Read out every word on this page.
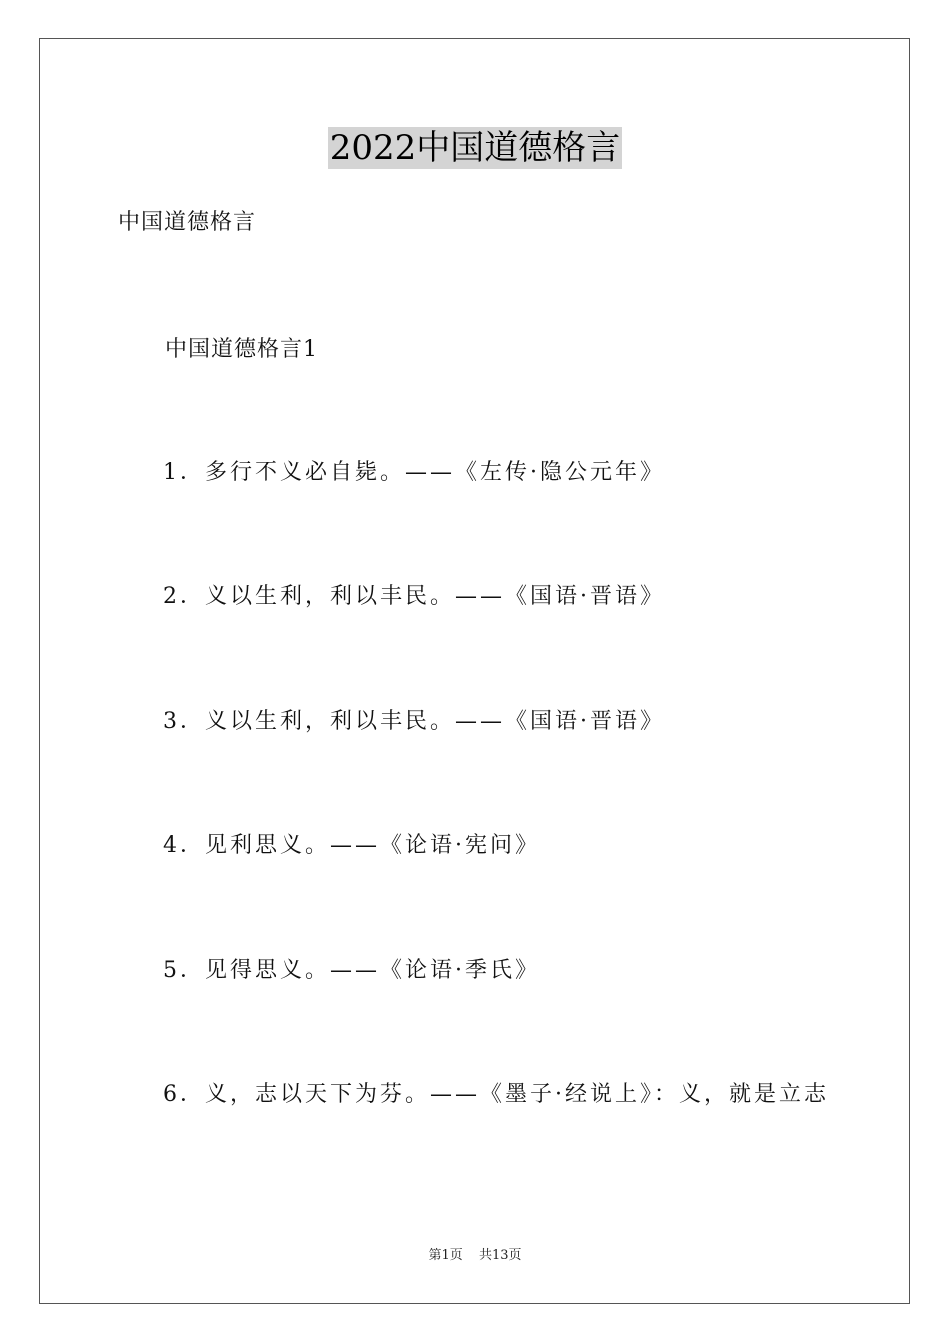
2022中国道德格言
中国道德格言
中国道德格言1
1．多行不义必自毙。——《左传·隐公元年》
2．义以生利，利以丰民。——《国语·晋语》
3．义以生利，利以丰民。——《国语·晋语》
4．见利思义。——《论语·宪问》
5．见得思义。——《论语·季氏》
6．义，志以天下为芬。——《墨子·经说上》：义，就是立志
第1页 共13页
